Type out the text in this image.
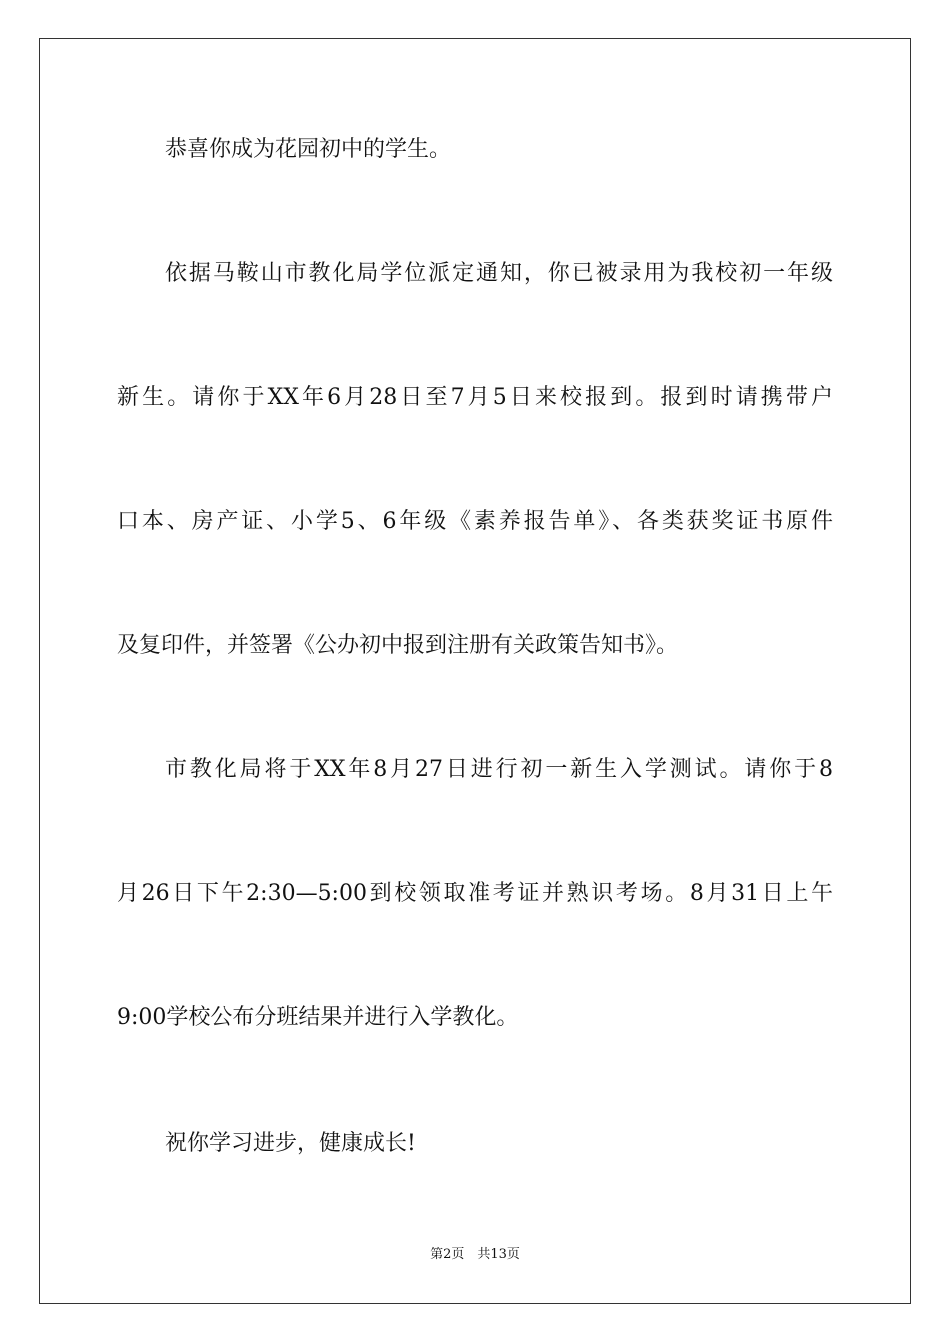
恭喜你成为花园初中的学生。
依据马鞍山市教化局学位派定通知，你已被录用为我校初一年级
新生。请你于XX年6月28日至7月5日来校报到。报到时请携带户
口本、房产证、小学5、6年级《素养报告单》、各类获奖证书原件
及复印件，并签署《公办初中报到注册有关政策告知书》。
市教化局将于XX年8月27日进行初一新生入学测试。请你于8
月26日下午2:30—5:00到校领取准考证并熟识考场。8月31日上午
9:00学校公布分班结果并进行入学教化。
祝你学习进步，健康成长!
第2页　共13页
